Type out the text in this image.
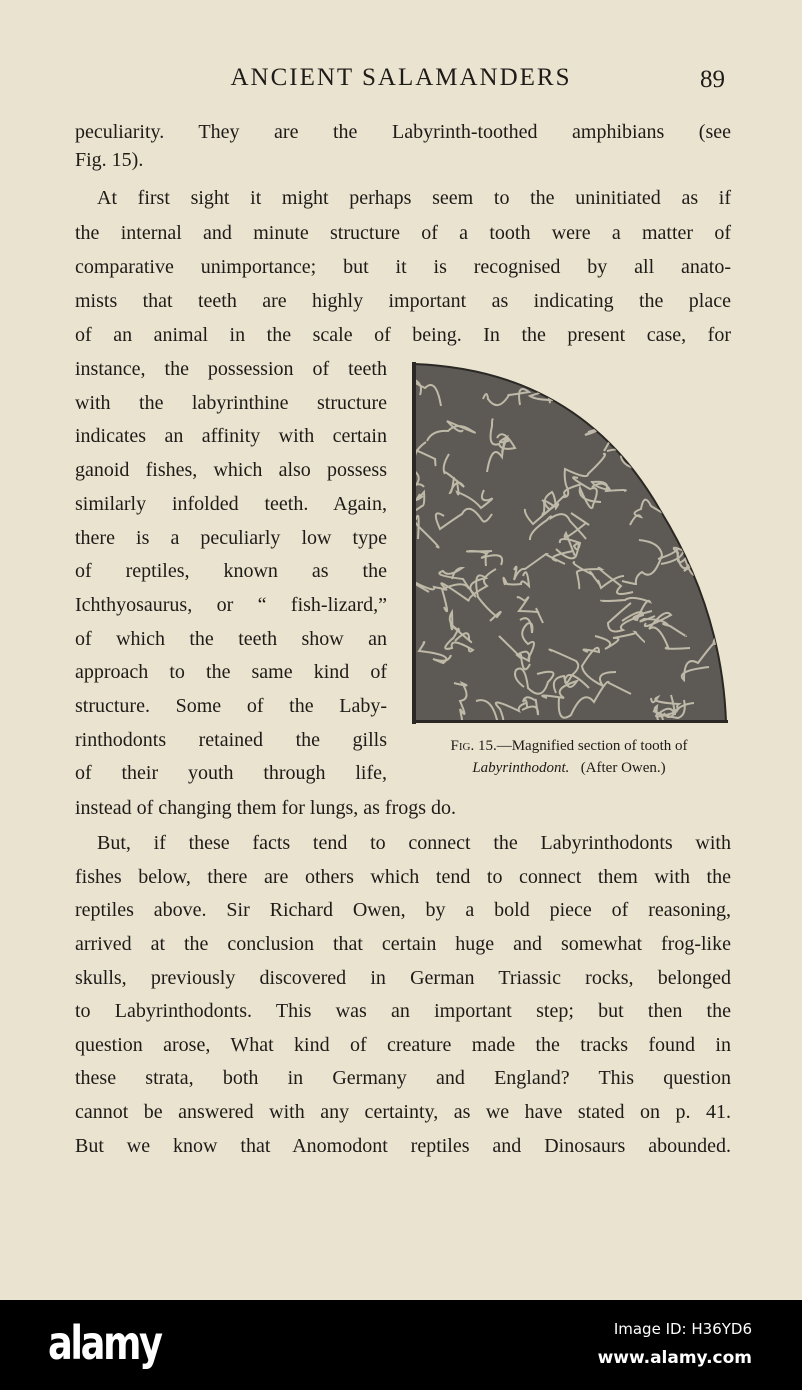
ANCIENT SALAMANDERS	89
peculiarity. They are the Labyrinth-toothed amphibians (see
Fig. 15).
At first sight it might perhaps seem to the uninitiated as if
the internal and minute structure of a tooth were a matter of
comparative unimportance; but it is recognised by all anato-
mists that teeth are highly important as indicating the place
of an animal in the scale of being. In the present case, for
instance, the possession of teeth
with the labyrinthine structure
indicates an affinity with certain
ganoid fishes, which also possess
similarly infolded teeth. Again,
there is a peculiarly low type
of reptiles, known as the
Ichthyosaurus, or “ fish-lizard,”
of which the teeth show an
approach to the same kind of
structure. Some of the Laby-
rinthodonts retained the gills
of their youth through life,
instead of changing them for lungs, as frogs do.
But, if these facts tend to connect the Labyrinthodonts with
fishes below, there are others which tend to connect them with the
reptiles above. Sir Richard Owen, by a bold piece of reasoning,
arrived at the conclusion that certain huge and somewhat frog-like
skulls, previously discovered in German Triassic rocks, belonged
to Labyrinthodonts. This was an important step; but then the
question arose, What kind of creature made the tracks found in
these strata, both in Germany and England? This question
cannot be answered with any certainty, as we have stated on p. 41.
But we know that Anomodont reptiles and Dinosaurs abounded.
Fig. 15.—Magnified section of tooth of
Labyrinthodont. (After Owen.)
alamy	Image ID: H36YD6
www.alamy.com
